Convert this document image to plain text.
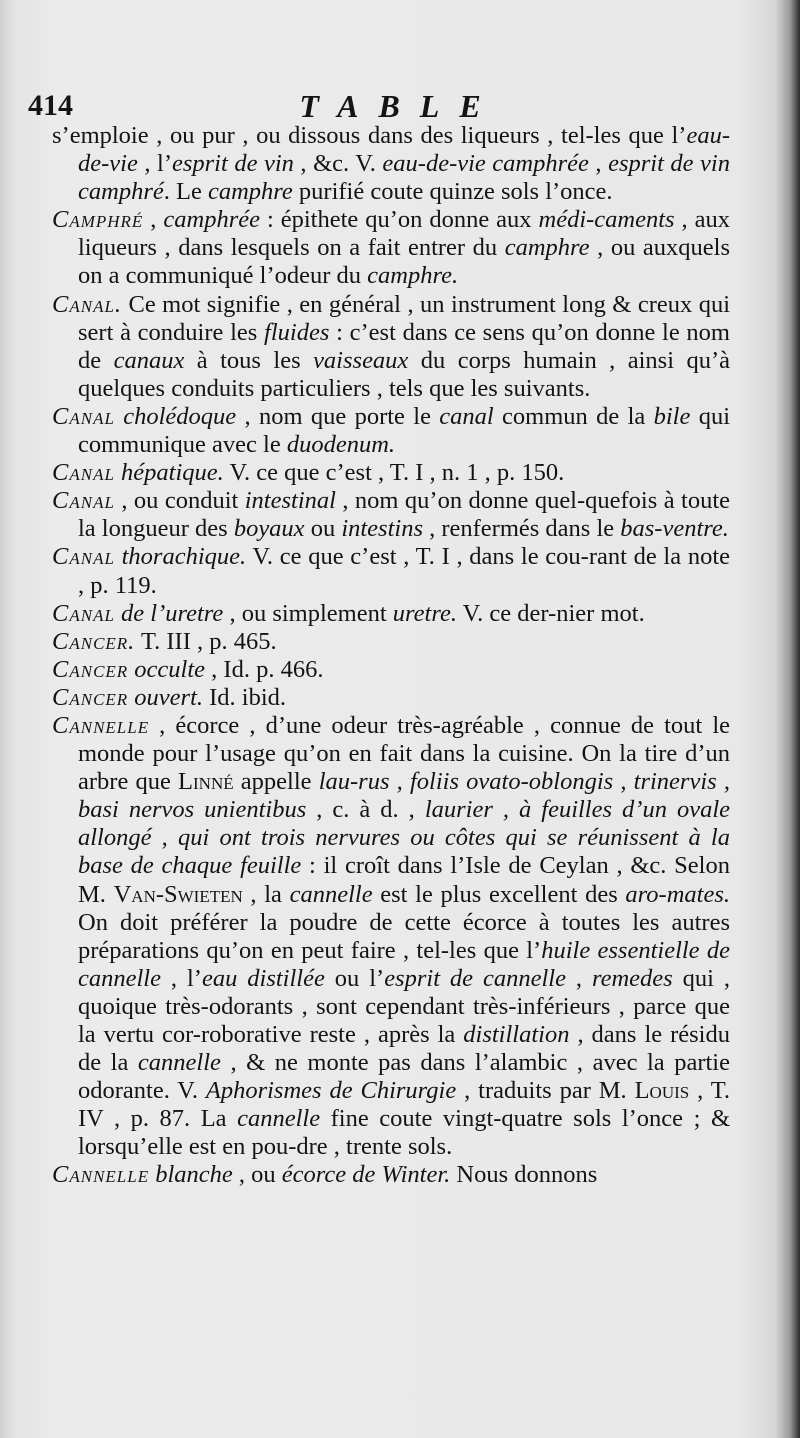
414	TABLE

s’emploie , ou pur , ou dissous dans des liqueurs , tel-les que l’eau-de-vie , l’esprit de vin , &c. V. eau-de-vie camphrée , esprit de vin camphré. Le camphre purifié coute quinze sols l’once.

Camphré , camphrée : épithete qu’on donne aux médi-caments , aux liqueurs , dans lesquels on a fait entrer du camphre , ou auxquels on a communiqué l’odeur du camphre.

Canal. Ce mot signifie , en général , un instrument long & creux qui sert à conduire les fluides : c’est dans ce sens qu’on donne le nom de canaux à tous les vaisseaux du corps humain , ainsi qu’à quelques conduits particuliers , tels que les suivants.

Canal cholédoque , nom que porte le canal commun de la bile qui communique avec le duodenum.

Canal hépatique. V. ce que c’est , T. I , n. 1 , p. 150.

Canal , ou conduit intestinal , nom qu’on donne quel-quefois à toute la longueur des boyaux ou intestins , renfermés dans le bas-ventre.

Canal thorachique. V. ce que c’est , T. I , dans le cou-rant de la note , p. 119.

Canal de l’uretre , ou simplement uretre. V. ce der-nier mot.

Cancer. T. III , p. 465.

Cancer occulte , Id. p. 466.

Cancer ouvert. Id. ibid.

Cannelle , écorce , d’une odeur très-agréable , connue de tout le monde pour l’usage qu’on en fait dans la cuisine. On la tire d’un arbre que Linné appelle lau-rus , foliis ovato-oblongis , trinervis , basi nervos unientibus , c. à d. , laurier , à feuilles d’un ovale allongé , qui ont trois nervures ou côtes qui se réunissent à la base de chaque feuille : il croît dans l’Isle de Ceylan , &c. Selon M. Van-Swieten , la cannelle est le plus excellent des aro-mates. On doit préférer la poudre de cette écorce à toutes les autres préparations qu’on en peut faire , tel-les que l’huile essentielle de cannelle , l’eau distillée ou l’esprit de cannelle , remedes qui , quoique très-odorants , sont cependant très-inférieurs , parce que la vertu cor-roborative reste , après la distillation , dans le résidu de la cannelle , & ne monte pas dans l’alambic , avec la partie odorante. V. Aphorismes de Chirurgie , traduits par M. Louis , T. IV , p. 87. La cannelle fine coute vingt-quatre sols l’once ; & lorsqu’elle est en pou-dre , trente sols.

Cannelle blanche , ou écorce de Winter. Nous donnons
